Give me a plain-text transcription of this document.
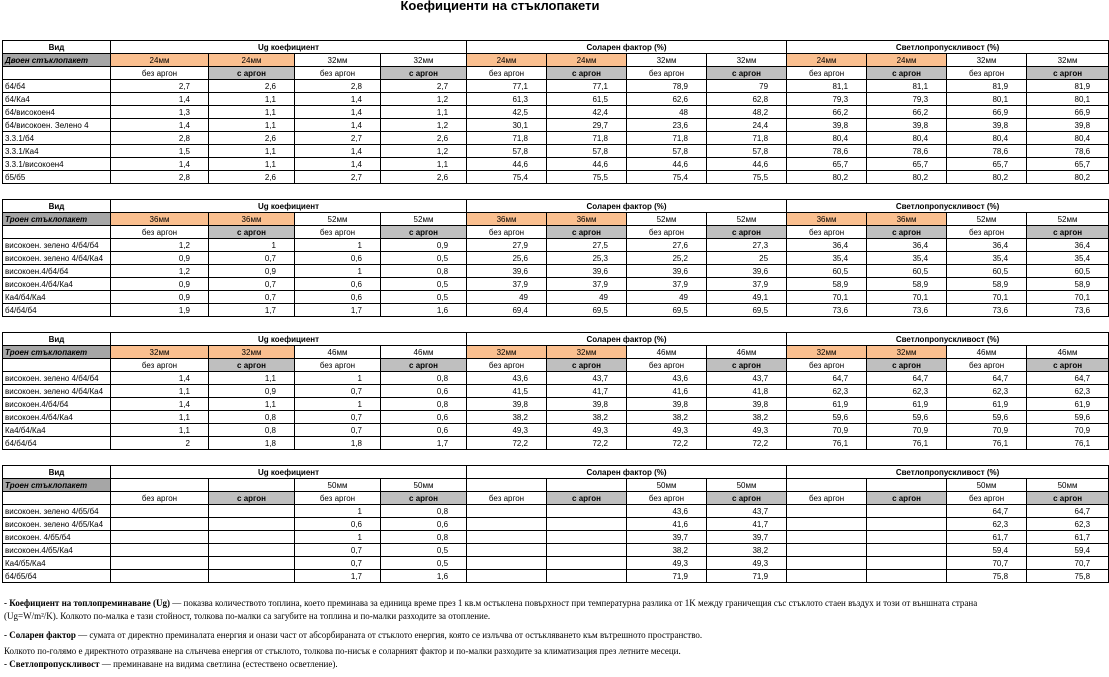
Коефициенти на стъклопакети
Вид	Ug коефициент				Соларен фактор (%)				Светлопропускливост (%)			
Двоен стъклопакет	24мм	24мм	32мм	32мм	24мм	24мм	32мм	32мм	24мм	24мм	32мм	32мм
	без аргон	с аргон	без аргон	с аргон	без аргон	с аргон	без аргон	с аргон	без аргон	с аргон	без аргон	с аргон
б4/б4	2,7	2,6	2,8	2,7	77,1	77,1	78,9	79	81,1	81,1	81,9	81,9
б4/Ка4	1,4	1,1	1,4	1,2	61,3	61,5	62,6	62,8	79,3	79,3	80,1	80,1
б4/високоен4	1,3	1,1	1,4	1,1	42,5	42,4	48	48,2	66,2	66,2	66,9	66,9
б4/високоен. Зелено 4	1,4	1,1	1,4	1,2	30,1	29,7	23,6	24,4	39,8	39,8	39,8	39,8
3.3.1/б4	2,8	2,6	2,7	2,6	71,8	71,8	71,8	71,8	80,4	80,4	80,4	80,4
3.3.1/Ка4	1,5	1,1	1,4	1,2	57,8	57,8	57,8	57,8	78,6	78,6	78,6	78,6
3.3.1/високоен4	1,4	1,1	1,4	1,1	44,6	44,6	44,6	44,6	65,7	65,7	65,7	65,7
б5/б5	2,8	2,6	2,7	2,6	75,4	75,5	75,4	75,5	80,2	80,2	80,2	80,2
Вид	Ug коефициент				Соларен фактор (%)				Светлопропускливост (%)			
Троен стъклопакет	36мм	36мм	52мм	52мм	36мм	36мм	52мм	52мм	36мм	36мм	52мм	52мм
	без аргон	с аргон	без аргон	с аргон	без аргон	с аргон	без аргон	с аргон	без аргон	с аргон	без аргон	с аргон
високоен. зелено 4/б4/б4	1,2	1	1	0,9	27,9	27,5	27,6	27,3	36,4	36,4	36,4	36,4
високоен. зелено 4/б4/Ка4	0,9	0,7	0,6	0,5	25,6	25,3	25,2	25	35,4	35,4	35,4	35,4
високоен.4/б4/б4	1,2	0,9	1	0,8	39,6	39,6	39,6	39,6	60,5	60,5	60,5	60,5
високоен.4/б4/Ка4	0,9	0,7	0,6	0,5	37,9	37,9	37,9	37,9	58,9	58,9	58,9	58,9
Ка4/б4/Ка4	0,9	0,7	0,6	0,5	49	49	49	49,1	70,1	70,1	70,1	70,1
б4/б4/б4	1,9	1,7	1,7	1,6	69,4	69,5	69,5	69,5	73,6	73,6	73,6	73,6
Вид	Ug коефициент				Соларен фактор (%)				Светлопропускливост (%)			
Троен стъклопакет	32мм	32мм	46мм	46мм	32мм	32мм	46мм	46мм	32мм	32мм	46мм	46мм
	без аргон	с аргон	без аргон	с аргон	без аргон	с аргон	без аргон	с аргон	без аргон	с аргон	без аргон	с аргон
високоен. зелено 4/б4/б4	1,4	1,1	1	0,8	43,6	43,7	43,6	43,7	64,7	64,7	64,7	64,7
високоен. зелено 4/б4/Ка4	1,1	0,9	0,7	0,6	41,5	41,7	41,6	41,8	62,3	62,3	62,3	62,3
високоен.4/б4/б4	1,4	1,1	1	0,8	39,8	39,8	39,8	39,8	61,9	61,9	61,9	61,9
високоен.4/б4/Ка4	1,1	0,8	0,7	0,6	38,2	38,2	38,2	38,2	59,6	59,6	59,6	59,6
Ка4/б4/Ка4	1,1	0,8	0,7	0,6	49,3	49,3	49,3	49,3	70,9	70,9	70,9	70,9
б4/б4/б4	2	1,8	1,8	1,7	72,2	72,2	72,2	72,2	76,1	76,1	76,1	76,1
Вид	Ug коефициент				Соларен фактор (%)				Светлопропускливост (%)			
Троен стъклопакет			50мм	50мм			50мм	50мм			50мм	50мм
	без аргон	с аргон	без аргон	с аргон	без аргон	с аргон	без аргон	с аргон	без аргон	с аргон	без аргон	с аргон
високоен. зелено 4/б5/б4			1	0,8			43,6	43,7			64,7	64,7
високоен. зелено 4/б5/Ка4			0,6	0,6			41,6	41,7			62,3	62,3
високоен. 4/б5/б4			1	0,8			39,7	39,7			61,7	61,7
високоен.4/б5/Ка4			0,7	0,5			38,2	38,2			59,4	59,4
Ка4/б5/Ка4			0,7	0,5			49,3	49,3			70,7	70,7
б4/б5/б4			1,7	1,6			71,9	71,9			75,8	75,8

- Коефициент на топлопреминаване (Ug) — показва количеството топлина, което преминава за единица време през 1 кв.м остъклена повърхност при температурна разлика от 1K между граничещия със стъклото стаен въздух и този от външната страна (Ug=W/m²/K). Колкото по-малка е тази стойност, толкова по-малки са загубите на топлина и по-малки разходите за отопление.

- Соларен фактор — сумата от директно преминалата енергия и онази част от абсорбираната от стъклото енергия, която се излъчва от остъкляването към вътрешното пространство.

Колкото по-голямо е директното отразяване на слънчева енергия от стъклото, толкова по-нисък е соларният фактор и по-малки разходите за климатизация през летните месеци.

- Светлопропускливост — преминаване на видима светлина (естествено осветление).
